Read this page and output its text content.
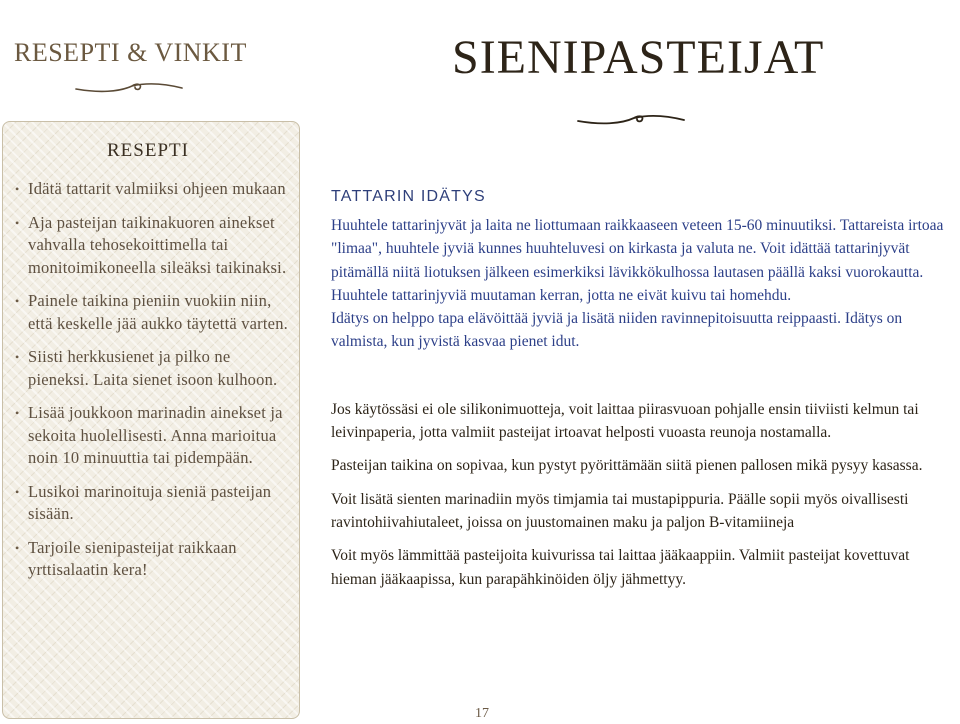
RESEPTI & VINKIT	SIENIPASTEIJAT
RESEPTI
• Idätä tattarit valmiiksi ohjeen mukaan
• Aja pasteijan taikinakuoren ainekset vahvalla tehosekoittimella tai monitoimikoneella sileäksi taikinaksi.
• Painele taikina pieniin vuokiin niin, että keskelle jää aukko täytettä varten.
• Siisti herkkusienet ja pilko ne pieneksi. Laita sienet isoon kulhoon.
• Lisää joukkoon marinadin ainekset ja sekoita huolellisesti. Anna marioitua noin 10 minuuttia tai pidempään.
• Lusikoi marinoituja sieniä pasteijan sisään.
• Tarjoile sienipasteijat raikkaan yrttisalaatin kera!
TATTARIN IDÄTYS

Huuhtele tattarinjyvät ja laita ne liottumaan raikkaaseen veteen 15-60 minuutiksi. Tattareista irtoaa "limaa", huuhtele jyviä kunnes huuhteluvesi on kirkasta ja valuta ne. Voit idättää tattarinjyvät pitämällä niitä liotuksen jälkeen esimerkiksi lävikkökulhossa lautasen päällä kaksi vuorokautta. Huuhtele tattarinjyviä muutaman kerran, jotta ne eivät kuivu tai homehdu.

Idätys on helppo tapa elävöittää jyviä ja lisätä niiden ravinnepitoisuutta reippaasti. Idätys on valmista, kun jyvistä kasvaa pienet idut.

Jos käytössäsi ei ole silikonimuotteja, voit laittaa piirasvuoan pohjalle ensin tiiviisti kelmun tai leivinpaperia, jotta valmiit pasteijat irtoavat helposti vuoasta reunoja nostamalla.

Pasteijan taikina on sopivaa, kun pystyt pyörittämään siitä pienen pallosen mikä pysyy kasassa.

Voit lisätä sienten marinadiin myös timjamia tai mustapippuria. Päälle sopii myös oivallisesti ravintohiivahiutaleet, joissa on juustomainen maku ja paljon B-vitamiineja

Voit myös lämmittää pasteijoita kuivurissa tai laittaa jääkaappiin. Valmiit pasteijat kovettuvat hieman jääkaapissa, kun parapähkinöiden öljy jähmettyy.

17
